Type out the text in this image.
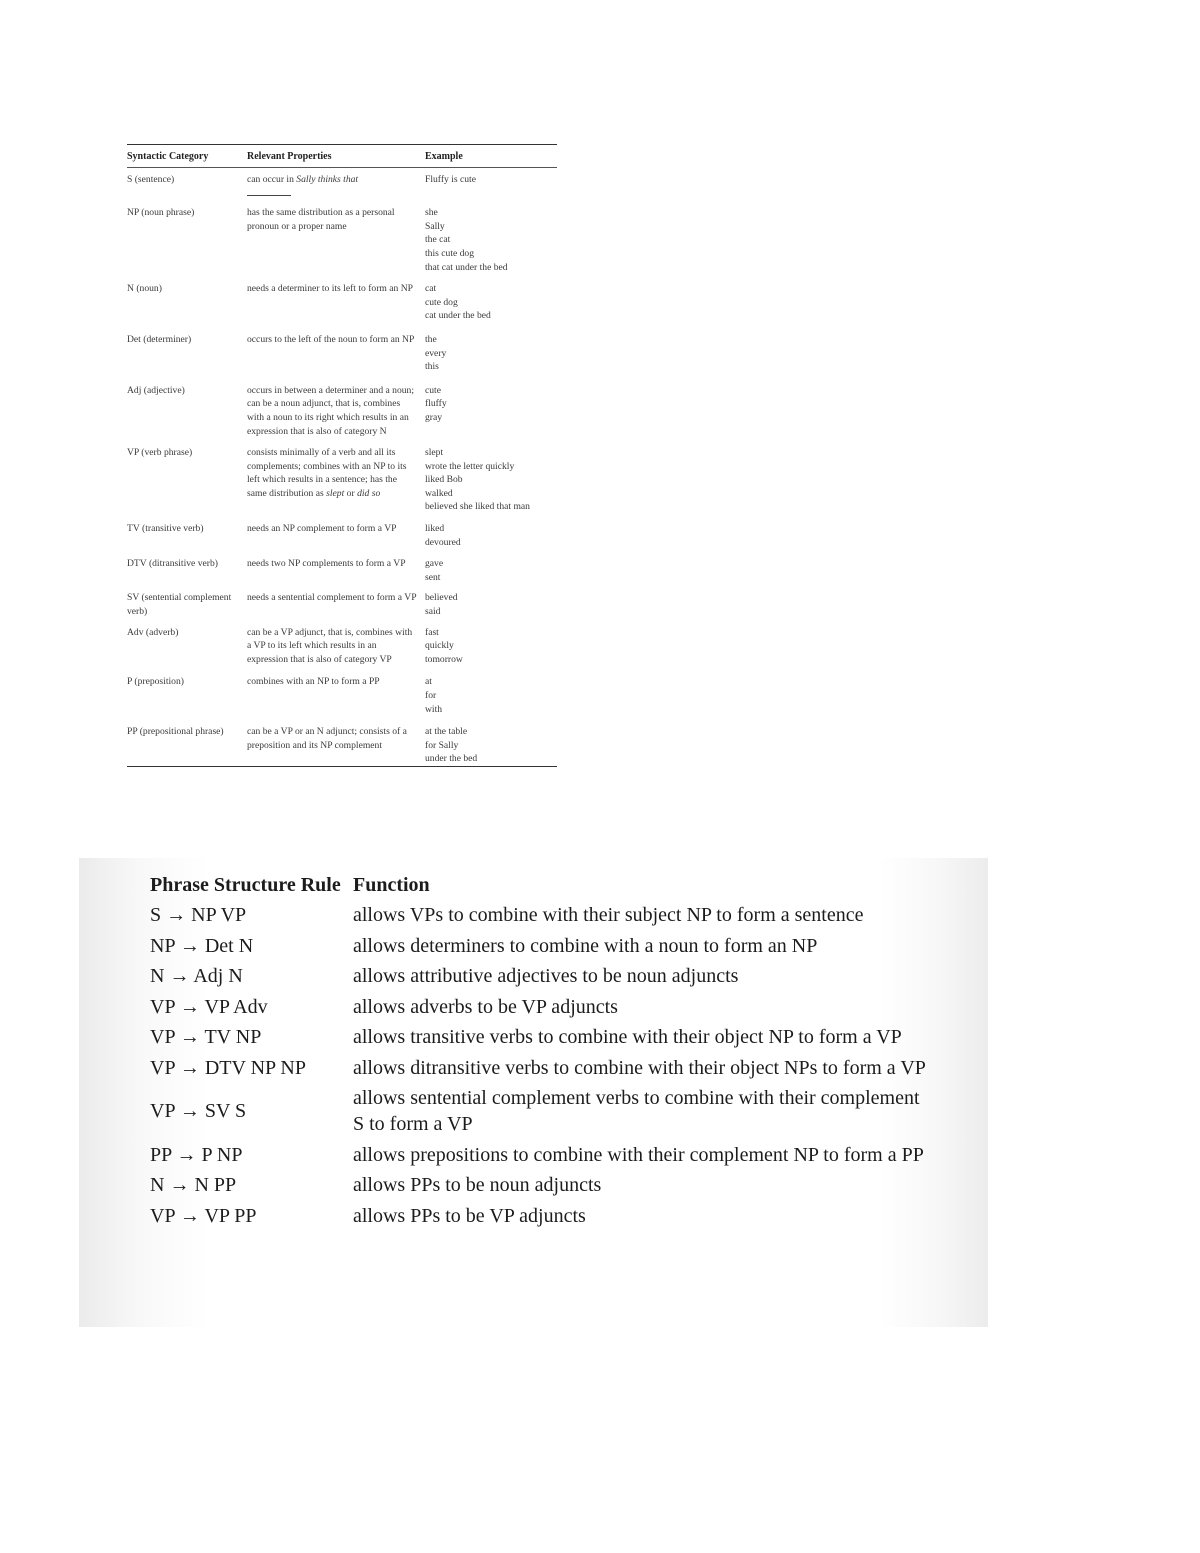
Syntactic Category	Relevant Properties	Example
S (sentence)	can occur in Sally thinks that	Fluffy is cute

NP (noun phrase)	has the same distribution as a personal pronoun or a proper name	she
Sally
the cat
this cute dog
that cat under the bed

N (noun)	needs a determiner to its left to form an NP	cat
cute dog
cat under the bed

Det (determiner)	occurs to the left of the noun to form an NP	the
every
this

Adj (adjective)	occurs in between a determiner and a noun; can be a noun adjunct, that is, combines with a noun to its right which results in an expression that is also of category N	cute
fluffy
gray

VP (verb phrase)	consists minimally of a verb and all its complements; combines with an NP to its left which results in a sentence; has the same distribution as slept or did so	slept
wrote the letter quickly
liked Bob
walked
believed she liked that man

TV (transitive verb)	needs an NP complement to form a VP	liked
devoured

DTV (ditransitive verb)	needs two NP complements to form a VP	gave
sent

SV (sentential complement verb)	needs a sentential complement to form a VP	believed
said

Adv (adverb)	can be a VP adjunct, that is, combines with a VP to its left which results in an expression that is also of category VP	fast
quickly
tomorrow

P (preposition)	combines with an NP to form a PP	at
for
with

PP (prepositional phrase)	can be a VP or an N adjunct; consists of a preposition and its NP complement	at the table
for Sally
under the bed
Phrase Structure Rule	Function
S → NP VP	allows VPs to combine with their subject NP to form a sentence
NP → Det N	allows determiners to combine with a noun to form an NP
N → Adj N	allows attributive adjectives to be noun adjuncts
VP → VP Adv	allows adverbs to be VP adjuncts
VP → TV NP	allows transitive verbs to combine with their object NP to form a VP
VP → DTV NP NP	allows ditransitive verbs to combine with their object NPs to form a VP
VP → SV S	allows sentential complement verbs to combine with their complement S to form a VP
PP → P NP	allows prepositions to combine with their complement NP to form a PP
N → N PP	allows PPs to be noun adjuncts
VP → VP PP	allows PPs to be VP adjuncts
